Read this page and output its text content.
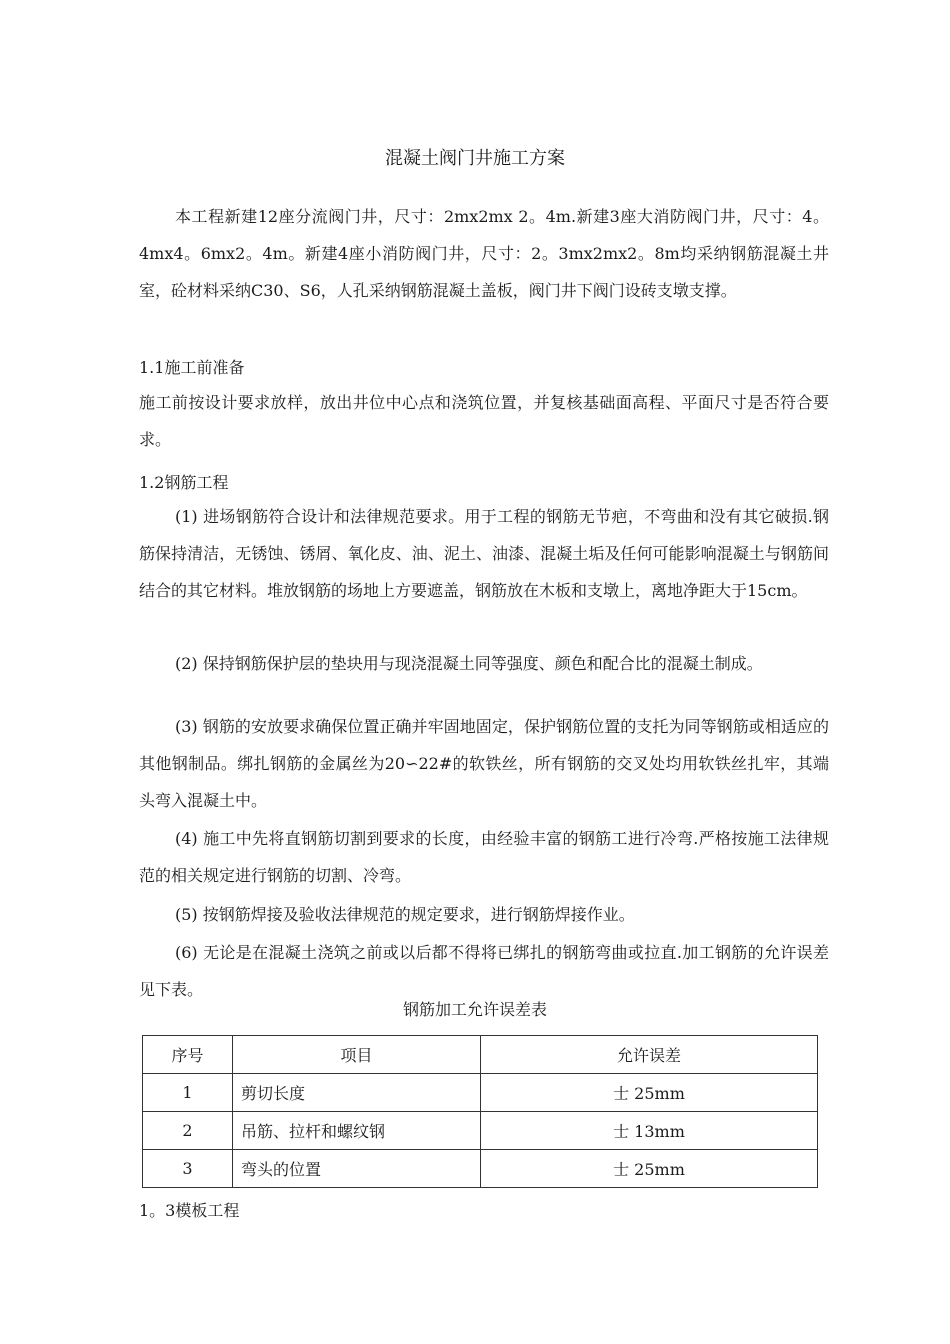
混凝土阀门井施工方案

本工程新建12座分流阀门井，尺寸：2mx2mx 2。4m.新建3座大消防阀门井，尺寸：4。4mx4。6mx2。4m。新建4座小消防阀门井，尺寸：2。3mx2mx2。8m均采纳钢筋混凝土井室，砼材料采纳C30、S6，人孔采纳钢筋混凝土盖板，阀门井下阀门设砖支墩支撑。

1.1施工前准备

施工前按设计要求放样，放出井位中心点和浇筑位置，并复核基础面高程、平面尺寸是否符合要求。

1.2钢筋工程

(1) 进场钢筋符合设计和法律规范要求。用于工程的钢筋无节疤，不弯曲和没有其它破损.钢筋保持清洁，无锈蚀、锈屑、氧化皮、油、泥土、油漆、混凝土垢及任何可能影响混凝土与钢筋间结合的其它材料。堆放钢筋的场地上方要遮盖，钢筋放在木板和支墩上，离地净距大于15cm。

(2) 保持钢筋保护层的垫块用与现浇混凝土同等强度、颜色和配合比的混凝土制成。

(3) 钢筋的安放要求确保位置正确并牢固地固定，保护钢筋位置的支托为同等钢筋或相适应的其他钢制品。绑扎钢筋的金属丝为20∽22#的软铁丝，所有钢筋的交叉处均用软铁丝扎牢，其端头弯入混凝土中。

(4) 施工中先将直钢筋切割到要求的长度，由经验丰富的钢筋工进行冷弯.严格按施工法律规范的相关规定进行钢筋的切割、冷弯。

(5) 按钢筋焊接及验收法律规范的规定要求，进行钢筋焊接作业。

(6) 无论是在混凝土浇筑之前或以后都不得将已绑扎的钢筋弯曲或拉直.加工钢筋的允许误差见下表。

钢筋加工允许误差表
序号	项目	允许误差
1	剪切长度	士 25mm
2	吊筋、拉杆和螺纹钢	士 13mm
3	弯头的位置	士 25mm

1。3模板工程
